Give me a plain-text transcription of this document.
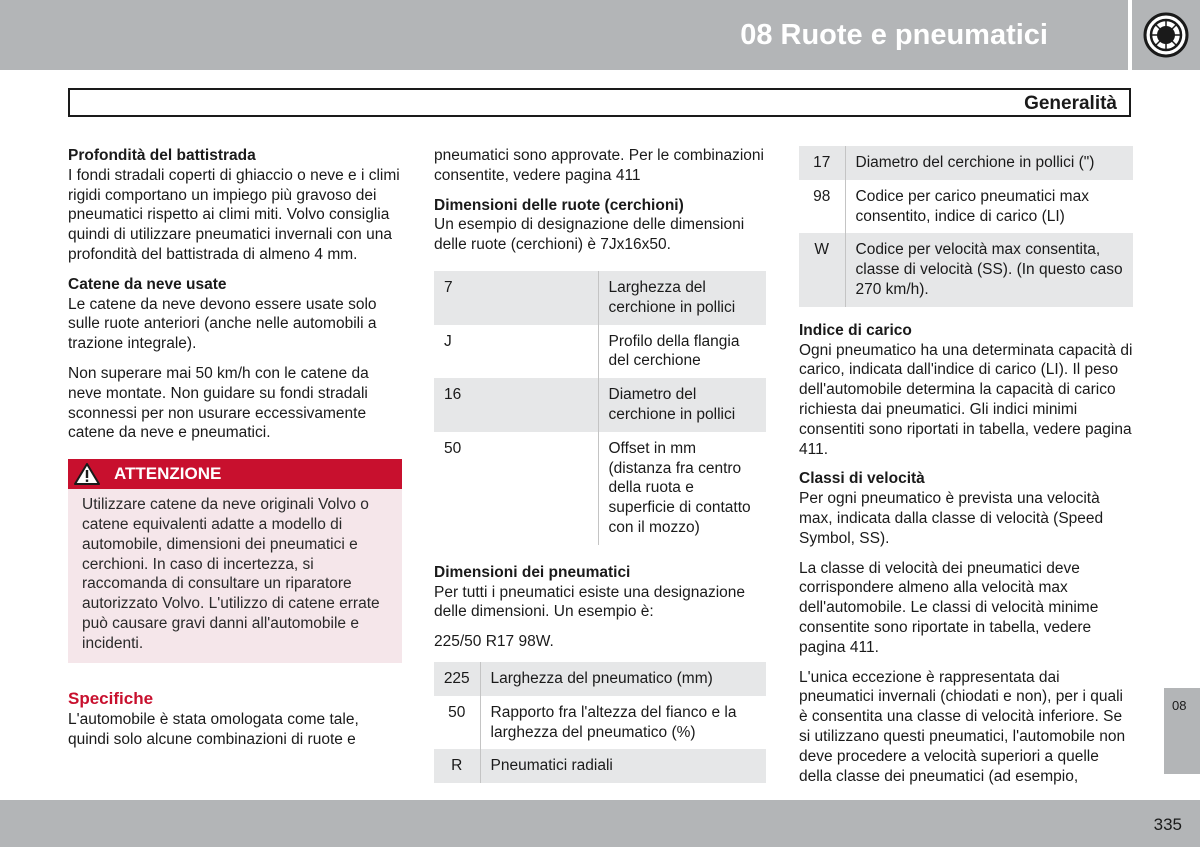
08 Ruote e pneumatici
Generalità
Profondità del battistrada

I fondi stradali coperti di ghiaccio o neve e i climi rigidi comportano un impiego più gravoso dei pneumatici rispetto ai climi miti. Volvo consiglia quindi di utilizzare pneumatici invernali con una profondità del battistrada di almeno 4 mm.

Catene da neve usate

Le catene da neve devono essere usate solo sulle ruote anteriori (anche nelle automobili a trazione integrale).

Non superare mai 50 km/h con le catene da neve montate. Non guidare su fondi stradali sconnessi per non usurare eccessivamente catene da neve e pneumatici.

ATTENZIONE
Utilizzare catene da neve originali Volvo o catene equivalenti adatte a modello di automobile, dimensioni dei pneumatici e cerchioni. In caso di incertezza, si raccomanda di consultare un riparatore autorizzato Volvo. L'utilizzo di catene errate può causare gravi danni all'automobile e incidenti.
Specifiche

L'automobile è stata omologata come tale, quindi solo alcune combinazioni di ruote e

pneumatici sono approvate. Per le combinazioni consentite, vedere pagina 411

Dimensioni delle ruote (cerchioni)
Un esempio di designazione delle dimensioni delle ruote (cerchioni) è 7Jx16x50.
7	Larghezza del cerchione in pollici
J	Profilo della flangia del cerchione
16	Diametro del cerchione in pollici
50	Offset in mm (distanza fra centro della ruota e superficie di contatto con il mozzo)
Dimensioni dei pneumatici

Per tutti i pneumatici esiste una designazione delle dimensioni. Un esempio è:

225/50 R17 98W.
225	Larghezza del pneumatico (mm)
50	Rapporto fra l'altezza del fianco e la larghezza del pneumatico (%)
R	Pneumatici radiali
17	Diametro del cerchione in pollici (")
98	Codice per carico pneumatici max consentito, indice di carico (LI)
W	Codice per velocità max consentita, classe di velocità (SS). (In questo caso 270 km/h).
Indice di carico

Ogni pneumatico ha una determinata capacità di carico, indicata dall'indice di carico (LI). Il peso dell'automobile determina la capacità di carico richiesta dai pneumatici. Gli indici minimi consentiti sono riportati in tabella, vedere pagina 411.

Classi di velocità

Per ogni pneumatico è prevista una velocità max, indicata dalla classe di velocità (Speed Symbol, SS).

La classe di velocità dei pneumatici deve corrispondere almeno alla velocità max dell'automobile. Le classi di velocità minime consentite sono riportate in tabella, vedere pagina 411.

L'unica eccezione è rappresentata dai pneumatici invernali (chiodati e non), per i quali è consentita una classe di velocità inferiore. Se si utilizzano questi pneumatici, l'automobile non deve procedere a velocità superiori a quelle della classe dei pneumatici (ad esempio,

08
335
